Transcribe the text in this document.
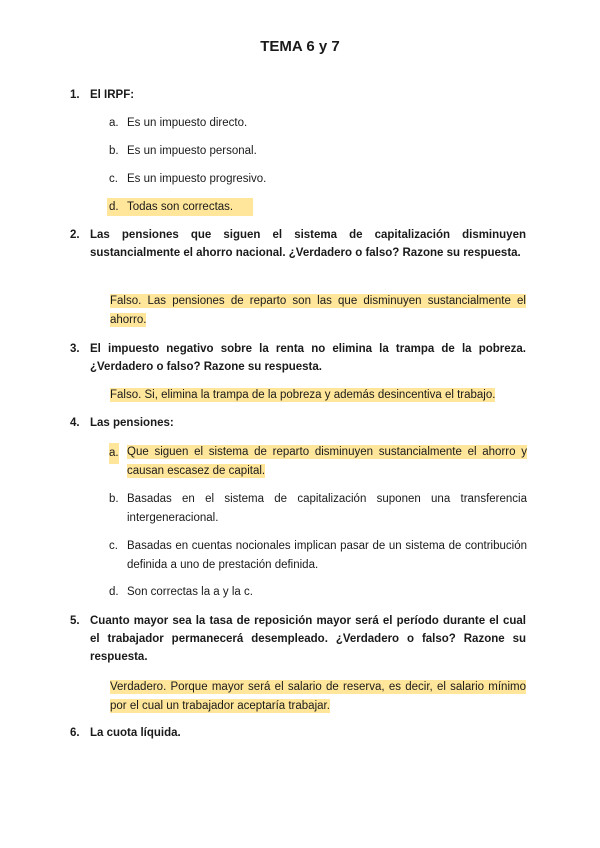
TEMA 6 y 7
1. El IRPF:
a. Es un impuesto directo.
b. Es un impuesto personal.
c. Es un impuesto progresivo.
d. Todas son correctas.
2. Las pensiones que siguen el sistema de capitalización disminuyen sustancialmente el ahorro nacional. ¿Verdadero o falso? Razone su respuesta.
Falso. Las pensiones de reparto son las que disminuyen sustancialmente el ahorro.
3. El impuesto negativo sobre la renta no elimina la trampa de la pobreza. ¿Verdadero o falso? Razone su respuesta.
Falso. Si, elimina la trampa de la pobreza y además desincentiva el trabajo.
4. Las pensiones:
a. Que siguen el sistema de reparto disminuyen sustancialmente el ahorro y causan escasez de capital.
b. Basadas en el sistema de capitalización suponen una transferencia intergeneracional.
c. Basadas en cuentas nocionales implican pasar de un sistema de contribución definida a uno de prestación definida.
d. Son correctas la a y la c.
5. Cuanto mayor sea la tasa de reposición mayor será el período durante el cual el trabajador permanecerá desempleado. ¿Verdadero o falso? Razone su respuesta.
Verdadero. Porque mayor será el salario de reserva, es decir, el salario mínimo por el cual un trabajador aceptaría trabajar.
6. La cuota líquida.
